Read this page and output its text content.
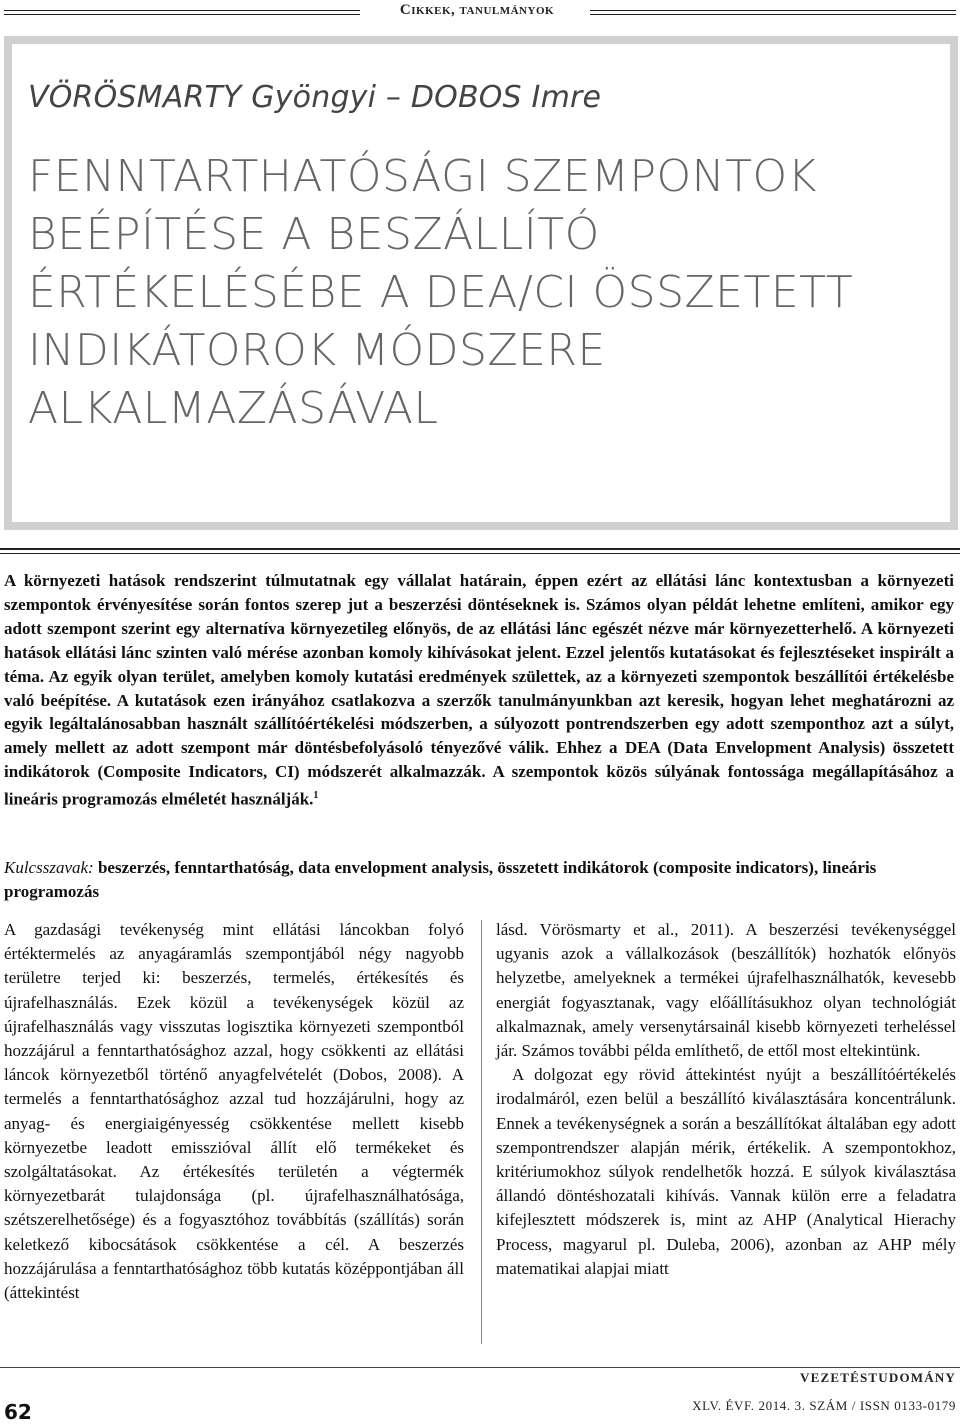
Cikkek, tanulmányok
VÖRÖSMARTY Gyöngyi – DOBOS Imre
FENNTARTHATÓSÁGI SZEMPONTOK
BEÉPÍTÉSE A BESZÁLLÍTÓ
ÉRTÉKELÉSÉBE A DEA/CI ÖSSZETETT
INDIKÁTOROK MÓDSZERE
ALKALMAZÁSÁVAL
A környezeti hatások rendszerint túlmutatnak egy vállalat határain, éppen ezért az ellátási lánc kontextusban a környezeti szempontok érvényesítése során fontos szerep jut a beszerzési döntéseknek is. Számos olyan példát lehetne említeni, amikor egy adott szempont szerint egy alternatíva környezetileg előnyös, de az ellátási lánc egészét nézve már környezetterhelő. A környezeti hatások ellátási lánc szinten való mérése azonban komoly kihívásokat jelent. Ezzel jelentős kutatásokat és fejlesztéseket inspirált a téma. Az egyik olyan terület, amelyben komoly kutatási eredmények születtek, az a környezeti szempontok beszállítói értékelésbe való beépítése. A kutatások ezen irányához csatlakozva a szerzők tanulmányunkban azt keresik, hogyan lehet meghatározni az egyik legáltalánosabban használt szállítóértékelési módszerben, a súlyozott pontrendszerben egy adott szemponthoz azt a súlyt, amely mellett az adott szempont már döntésbefolyásoló tényezővé válik. Ehhez a DEA (Data Envelopment Analysis) összetett indikátorok (Composite Indicators, CI) módszerét alkalmazzák. A szempontok közös súlyának fontossága megállapításához a lineáris programozás elméletét használják.$^1$
Kulcsszavak: beszerzés, fenntarthatóság, data envelopment analysis, összetett indikátorok (composite indicators), lineáris programozás

A gazdasági tevékenység mint ellátási láncokban folyó értéktermelés az anyagáramlás szempontjából négy nagyobb területre terjed ki: beszerzés, termelés, értékesítés és újrafelhasználás. Ezek közül a tevékenységek közül az újrafelhasználás vagy visszutas logisztika környezeti szempontból hozzájárul a fenntarthatósághoz azzal, hogy csökkenti az ellátási láncok környezetből történő anyagfelvételét (Dobos, 2008). A termelés a fenntarthatósághoz azzal tud hozzájárulni, hogy az anyag- és energiaigényesség csökkentése mellett kisebb környezetbe leadott emisszióval állít elő termékeket és szolgáltatásokat. Az értékesítés területén a végtermék környezetbarát tulajdonsága (pl. újrafelhasználhatósága, szétszerelhetősége) és a fogyasztóhoz továbbítás (szállítás) során keletkező kibocsátások csökkentése a cél. A beszerzés hozzájárulása a fenntarthatósághoz több kutatás középpontjában áll (áttekintést

lásd. Vörösmarty et al., 2011). A beszerzési tevékenységgel ugyanis azok a vállalkozások (beszállítók) hozhatók előnyös helyzetbe, amelyeknek a termékei újrafelhasználhatók, kevesebb energiát fogyasztanak, vagy előállításukhoz olyan technológiát alkalmaznak, amely versenytársainál kisebb környezeti terheléssel jár. Számos további példa említhető, de ettől most eltekintünk.

A dolgozat egy rövid áttekintést nyújt a beszállítóértékelés irodalmáról, ezen belül a beszállító kiválasztására koncentrálunk. Ennek a tevékenységnek a során a beszállítókat általában egy adott szempontrendszer alapján mérik, értékelik. A szempontokhoz, kritériumokhoz súlyok rendelhetők hozzá. E súlyok kiválasztása állandó döntéshozatali kihívás. Vannak külön erre a feladatra kifejlesztett módszerek is, mint az AHP (Analytical Hierachy Process, magyarul pl. Duleba, 2006), azonban az AHP mély matematikai alapjai miatt

62
vezetéstudomány
XLV. ÉVF. 2014. 3. SZÁM / ISSN 0133-0179
